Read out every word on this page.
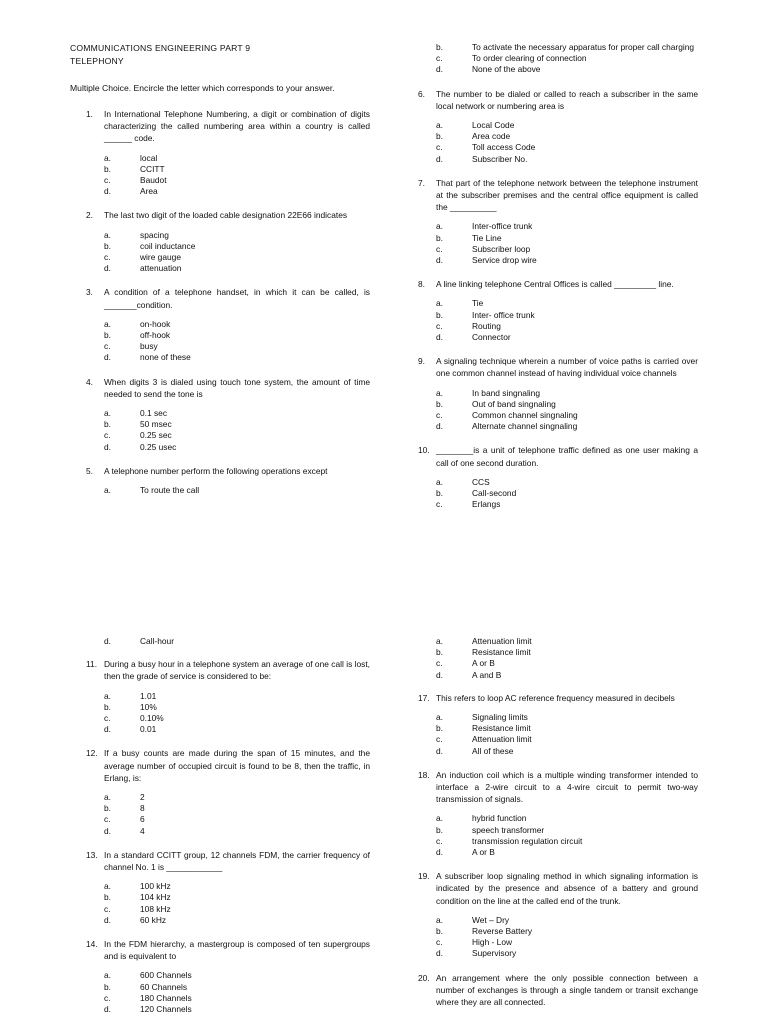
COMMUNICATIONS ENGINEERING PART 9
TELEPHONY
Multiple Choice. Encircle the letter which corresponds to your answer.
1. In International Telephone Numbering, a digit or combination of digits characterizing the called numbering area within a country is called ______ code.
a.	local
b.	CCITT
c.	Baudot
d.	Area
2. The last two digit of the loaded cable designation 22E66 indicates
a.	spacing
b.	coil inductance
c.	wire gauge
d.	attenuation
3. A condition of a telephone handset, in which it can be called, is _______condition.
a.	on-hook
b.	off-hook
c.	busy
d.	none of these
4. When digits 3 is dialed using touch tone system, the amount of time needed to send the tone is
a.	0.1 sec
b.	50 msec
c.	0.25 sec
d.	0.25 usec
5. A telephone number perform the following operations except
a.	To route the call
b.	To activate the necessary apparatus for proper call charging
c.	To order clearing of connection
d.	None of the above
6. The number to be dialed or called to reach a subscriber in the same local network or numbering area is
a.	Local Code
b.	Area code
c.	Toll access Code
d.	Subscriber No.
7. That part of the telephone network between the telephone instrument at the subscriber premises and the central office equipment is called the __________
a.	Inter-office trunk
b.	Tie Line
c.	Subscriber loop
d.	Service drop wire
8. A line linking telephone Central Offices is called _________ line.
a.	Tie
b.	Inter- office trunk
c.	Routing
d.	Connector
9. A signaling technique wherein a number of voice paths is carried over one common channel instead of having individual voice channels
a.	In band singnaling
b.	Out of band singnaling
c.	Common channel singnaling
d.	Alternate channel singnaling
10. ________is a unit of telephone traffic defined as one user making a call of one second duration.
a.	CCS
b.	Call-second
c.	Erlangs
d.	Call-hour
11. During a busy hour in a telephone system an average of one call is lost, then the grade of service is considered to be:
a.	1.01
b.	10%
c.	0.10%
d.	0.01
12. If a busy counts are made during the span of 15 minutes, and the average number of occupied circuit is found to be 8, then the traffic, in Erlang, is:
a.	2
b.	8
c.	6
d.	4
13. In a standard CCITT group, 12 channels FDM, the carrier frequency of channel No. 1 is ____________
a.	100 kHz
b.	104 kHz
c.	108 kHz
d.	60 kHz
14. In the FDM hierarchy, a mastergroup is composed of ten supergroups and is equivalent to
a.	600 Channels
b.	60 Channels
c.	180 Channels
d.	120 Channels
a.	Attenuation limit
b.	Resistance limit
c.	A or B
d.	A and B
17. This refers to loop AC reference frequency measured in decibels
a.	Signaling limits
b.	Resistance limit
c.	Attenuation limit
d.	All of these
18. An induction coil which is a multiple winding transformer intended to interface a 2-wire circuit to a 4-wire circuit to permit two-way transmission of signals.
a.	hybrid function
b.	speech transformer
c.	transmission regulation circuit
d.	A or B
19. A subscriber loop signaling method in which signaling information is indicated by the presence and absence of a battery and ground condition on the line at the called end of the trunk.
a.	Wet – Dry
b.	Reverse Battery
c.	High - Low
d.	Supervisory
20. An arrangement where the only possible connection between a number of exchanges is through a single tandem or transit exchange where they are all connected.
